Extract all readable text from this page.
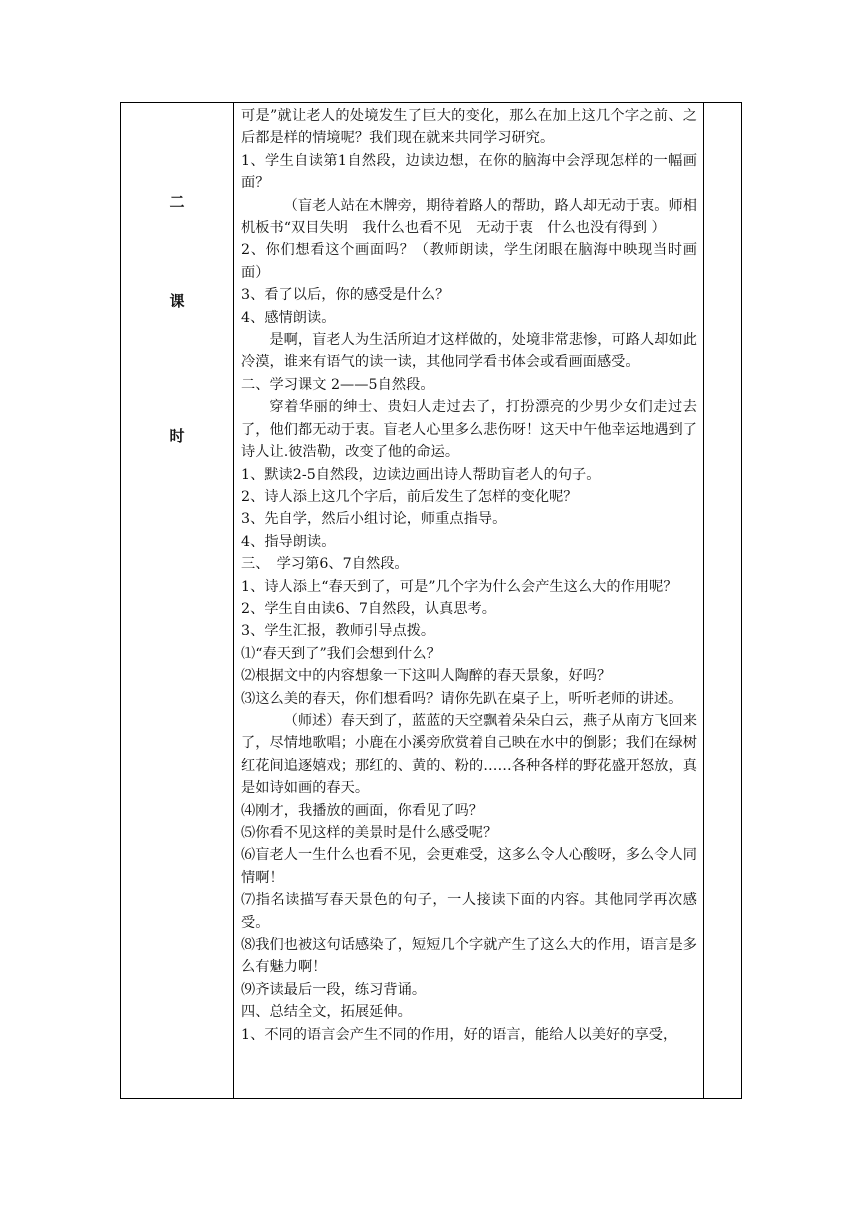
二
课
时

可是”就让老人的处境发生了巨大的变化，那么在加上这几个字之前、之后都是样的情境呢？我们现在就来共同学习研究。

1、学生自读第1自然段，边读边想，在你的脑海中会浮现怎样的一幅画面？

（盲老人站在木牌旁，期待着路人的帮助，路人却无动于衷。师相机板书“双目失明　我什么也看不见　无动于衷　什么也没有得到 ）

2、你们想看这个画面吗？（教师朗读，学生闭眼在脑海中映现当时画面）

3、看了以后，你的感受是什么？

4、感情朗读。

是啊，盲老人为生活所迫才这样做的，处境非常悲惨，可路人却如此冷漠，谁来有语气的读一读，其他同学看书体会或看画面感受。

二、学习课文 2——5自然段。

穿着华丽的绅士、贵妇人走过去了，打扮漂亮的少男少女们走过去了，他们都无动于衷。盲老人心里多么悲伤呀！这天中午他幸运地遇到了诗人让.彼浩勒，改变了他的命运。

1、默读2-5自然段，边读边画出诗人帮助盲老人的句子。

2、诗人添上这几个字后，前后发生了怎样的变化呢？

3、先自学，然后小组讨论，师重点指导。

4、指导朗读。

三、　学习第6、7自然段。

1、诗人添上“春天到了，可是”几个字为什么会产生这么大的作用呢？

2、学生自由读6、7自然段，认真思考。

3、学生汇报，教师引导点拨。

⑴“春天到了”我们会想到什么？

⑵根据文中的内容想象一下这叫人陶醉的春天景象，好吗？

⑶这么美的春天，你们想看吗？请你先趴在桌子上，听听老师的讲述。

（师述）春天到了，蓝蓝的天空飘着朵朵白云，燕子从南方飞回来了，尽情地歌唱；小鹿在小溪旁欣赏着自己映在水中的倒影；我们在绿树红花间追逐嬉戏；那红的、黄的、粉的……各种各样的野花盛开怒放，真是如诗如画的春天。

⑷刚才，我播放的画面，你看见了吗？

⑸你看不见这样的美景时是什么感受呢？

⑹盲老人一生什么也看不见，会更难受，这多么令人心酸呀，多么令人同情啊！

⑺指名读描写春天景色的句子，一人接读下面的内容。其他同学再次感受。

⑻我们也被这句话感染了，短短几个字就产生了这么大的作用，语言是多么有魅力啊！

⑼齐读最后一段，练习背诵。

四、总结全文，拓展延伸。

1、不同的语言会产生不同的作用，好的语言，能给人以美好的享受，
